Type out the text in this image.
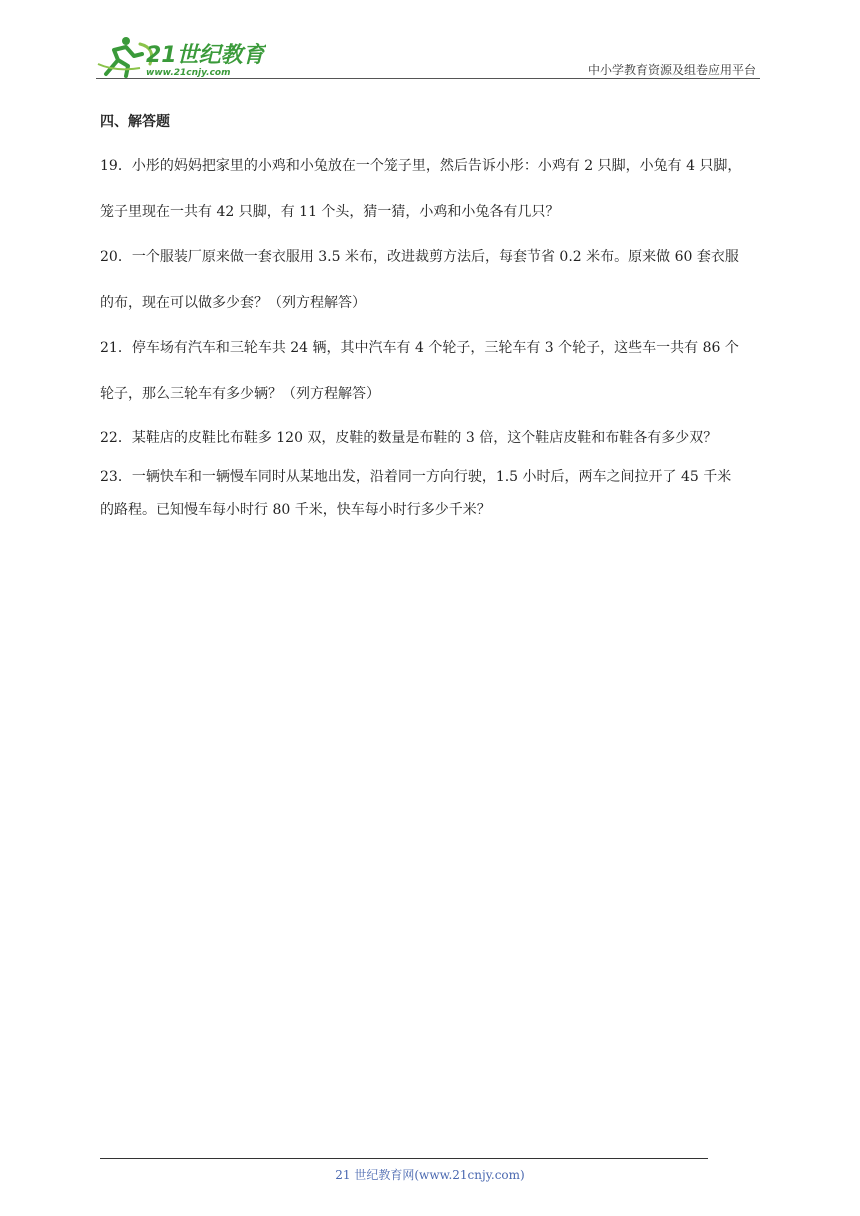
21世纪教育
www.21cnjy.com	中小学教育资源及组卷应用平台
四、解答题
19．小彤的妈妈把家里的小鸡和小兔放在一个笼子里，然后告诉小彤：小鸡有 2 只脚，小兔有 4 只脚，
笼子里现在一共有 42 只脚，有 11 个头，猜一猜，小鸡和小兔各有几只？
20．一个服装厂原来做一套衣服用 3.5 米布，改进裁剪方法后，每套节省 0.2 米布。原来做 60 套衣服
的布，现在可以做多少套？（列方程解答）
21．停车场有汽车和三轮车共 24 辆，其中汽车有 4 个轮子，三轮车有 3 个轮子，这些车一共有 86 个
轮子，那么三轮车有多少辆？（列方程解答）
22．某鞋店的皮鞋比布鞋多 120 双，皮鞋的数量是布鞋的 3 倍，这个鞋店皮鞋和布鞋各有多少双？
23．一辆快车和一辆慢车同时从某地出发，沿着同一方向行驶，1.5 小时后，两车之间拉开了 45 千米
的路程。已知慢车每小时行 80 千米，快车每小时行多少千米？
21 世纪教育网(www.21cnjy.com)
